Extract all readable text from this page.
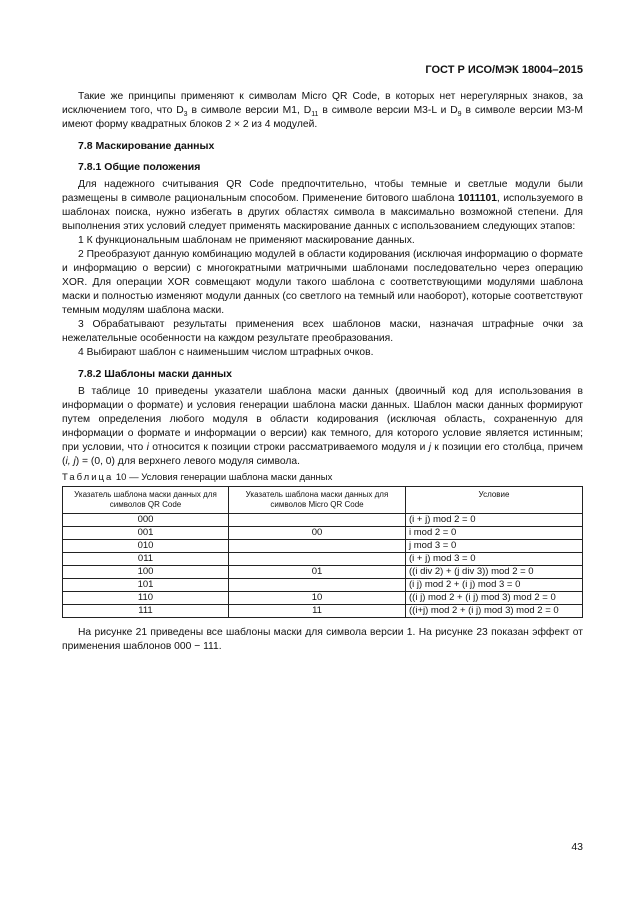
ГОСТ Р ИСО/МЭК 18004–2015

Такие же принципы применяют к символам Micro QR Code, в которых нет нерегулярных знаков, за исключением того, что $D_3$ в символе версии M1, $D_{11}$ в символе версии M3-L и $D_9$ в символе версии M3-M имеют форму квадратных блоков 2 × 2 из 4 модулей.

7.8 Маскирование данных
7.8.1 Общие положения

Для надежного считывания QR Code предпочтительно, чтобы темные и светлые модули были размещены в символе рациональным способом. Применение битового шаблона 1011101, используемого в шаблонах поиска, нужно избегать в других областях символа в максимально возможной степени. Для выполнения этих условий следует применять маскирование данных с использованием следующих этапов:

1 К функциональным шаблонам не применяют маскирование данных.

2 Преобразуют данную комбинацию модулей в области кодирования (исключая информацию о формате и информацию о версии) с многократными матричными шаблонами последовательно через операцию XOR. Для операции XOR совмещают модули такого шаблона с соответствующими модулями шаблона маски и полностью изменяют модули данных (со светлого на темный или наоборот), которые соответствуют темным модулям шаблона маски.

3 Обрабатывают результаты применения всех шаблонов маски, назначая штрафные очки за нежелательные особенности на каждом результате преобразования.

4 Выбирают шаблон с наименьшим числом штрафных очков.

7.8.2 Шаблоны маски данных

В таблице 10 приведены указатели шаблона маски данных (двоичный код для использования в информации о формате) и условия генерации шаблона маски данных. Шаблон маски данных формируют путем определения любого модуля в области кодирования (исключая область, сохраненную для информации о формате и информации о версии) как темного, для которого условие является истинным; при условии, что i относится к позиции строки рассматриваемого модуля и j к позиции его столбца, причем (i, j) = (0, 0) для верхнего левого модуля символа.

Таблица 10 — Условия генерации шаблона маски данных
Указатель шаблона маски данных для символов QR Code	Указатель шаблона маски данных для символов Micro QR Code	Условие
000		(i + j) mod 2 = 0
001	00	i mod 2 = 0
010		j mod 3 = 0
011		(i + j) mod 3 = 0
100	01	((i div 2) + (j div 3)) mod 2 = 0
101		(i j) mod 2 + (i j) mod 3 = 0
110	10	((i j) mod 2 + (i j) mod 3) mod 2 = 0
111	11	((i+j) mod 2 + (i j) mod 3) mod 2 = 0

На рисунке 21 приведены все шаблоны маски для символа версии 1. На рисунке 23 показан эффект от применения шаблонов 000 − 111.

43
